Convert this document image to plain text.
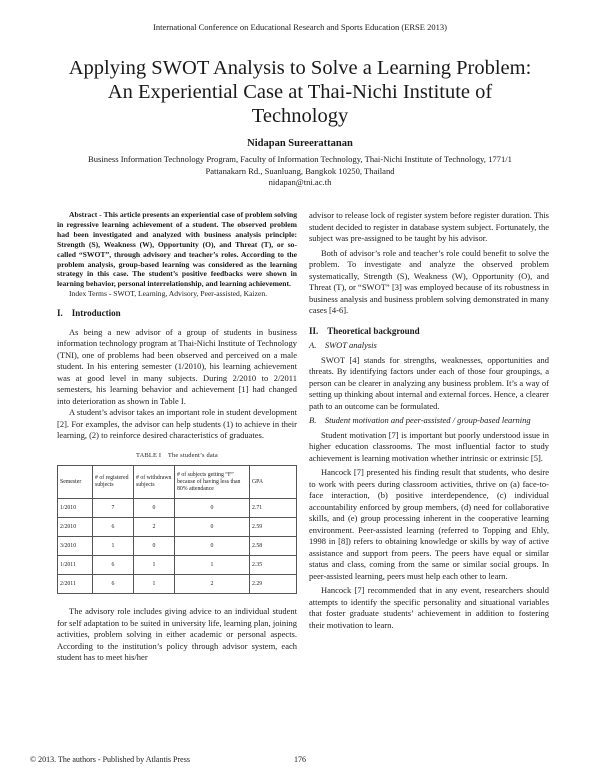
International Conference on Educational Research and Sports Education (ERSE 2013)
Applying SWOT Analysis to Solve a Learning Problem:
An Experiential Case at Thai-Nichi Institute of
Technology
Nidapan Sureerattanan
Business Information Technology Program, Faculty of Information Technology, Thai-Nichi Institute of Technology, 1771/1
Pattanakarn Rd., Suanluang, Bangkok 10250, Thailand
nidapan@tni.ac.th

Abstract - This article presents an experiential case of problem solving in regressive learning achievement of a student. The observed problem had been investigated and analyzed with business analysis principle: Strength (S), Weakness (W), Opportunity (O), and Threat (T), or so-called “SWOT”, through advisory and teacher’s roles. According to the problem analysis, group-based learning was considered as the learning strategy in this case. The student’s positive feedbacks were shown in learning behavior, personal interrelationship, and learning achievement.

Index Terms - SWOT, Learning, Advisory, Peer-assisted, Kaizen.

I. Introduction

As being a new advisor of a group of students in business information technology program at Thai-Nichi Institute of Technology (TNI), one of problems had been observed and perceived on a male student. In his entering semester (1/2010), his learning achievement was at good level in many subjects. During 2/2010 to 2/2011 semesters, his learning behavior and achievement [1] had changed into deterioration as shown in Table I.

A student’s advisor takes an important role in student development [2]. For examples, the advisor can help students (1) to achieve in their learning, (2) to reinforce desired characteristics of graduates.

TABLE I The student’s data
Semester	# of registered subjects	# of withdrawn subjects	# of subjects getting “F” because of having less than 80% attendance	GPA
1/2010	7	0	0	2.71
2/2010	6	2	0	2.59
3/2010	1	0	0	2.58
1/2011	6	1	1	2.35
2/2011	6	1	2	2.29

The advisory role includes giving advice to an individual student for self adaptation to be suited in university life, learning plan, joining activities, problem solving in either academic or personal aspects. According to the institution’s policy through advisor system, each student has to meet his/her

advisor to release lock of register system before register duration. This student decided to register in database system subject. Fortunately, the subject was pre-assigned to be taught by his advisor.

Both of advisor’s role and teacher’s role could benefit to solve the problem. To investigate and analyze the observed problem systematically, Strength (S), Weakness (W), Opportunity (O), and Threat (T), or “SWOT” [3] was employed because of its robustness in business analysis and business problem solving demonstrated in many cases [4-6].

II. Theoretical background

A. SWOT analysis

SWOT [4] stands for strengths, weaknesses, opportunities and threats. By identifying factors under each of those four groupings, a person can be clearer in analyzing any business problem. It’s a way of setting up thinking about internal and external forces. Hence, a clearer path to an outcome can be formulated.

B. Student motivation and peer-assisted / group-based learning

Student motivation [7] is important but poorly understood issue in higher education classrooms. The most influential factor to study achievement is learning motivation whether intrinsic or extrinsic [5].

Hancock [7] presented his finding result that students, who desire to work with peers during classroom activities, thrive on (a) face-to-face interaction, (b) positive interdependence, (c) individual accountability enforced by group members, (d) need for collaborative skills, and (e) group processing inherent in the cooperative learning environment. Peer-assisted learning (referred to Topping and Ehly, 1998 in [8]) refers to obtaining knowledge or skills by way of active assistance and support from peers. The peers have equal or similar status and class, coming from the same or similar social groups. In peer-assisted learning, peers must help each other to learn.

Hancock [7] recommended that in any event, researchers should attempts to identify the specific personality and situational variables that foster graduate students’ achievement in addition to fostering their motivation to learn.

© 2013. The authors - Published by Atlantis Press	176
